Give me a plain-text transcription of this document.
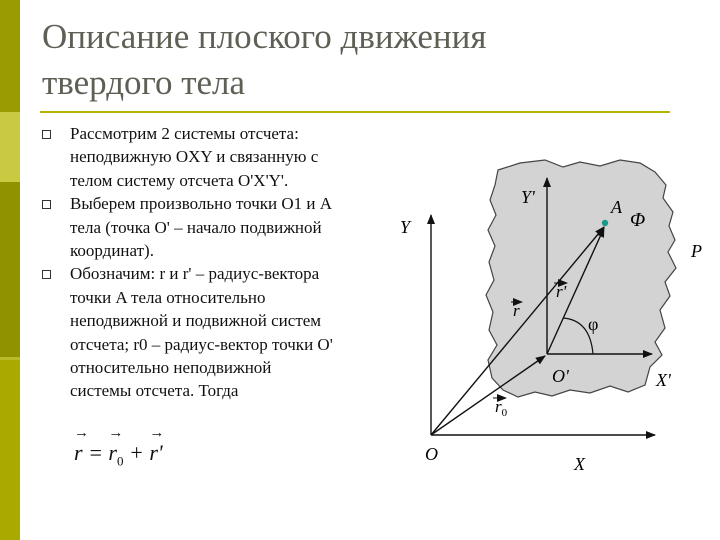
Описание плоского движения
твердого тела
Рассмотрим 2 системы отсчета:
неподвижную OXY и связанную с
телом систему отсчета O'X'Y'.
Выберем произвольно точки O1 и A
тела (точка O' – начало подвижной
координат).
Обозначим: r и r' – радиус-вектора
точки A тела относительно
неподвижной и подвижной систем
отсчета; r0 – радиус-вектор точки O'
относительно неподвижной
системы отсчета. Тогда
→ r = → $r_0$ + → r'
Y
X
O
Y'
X'
O'
A
Φ
P
φ
r
r'
$r_0$
